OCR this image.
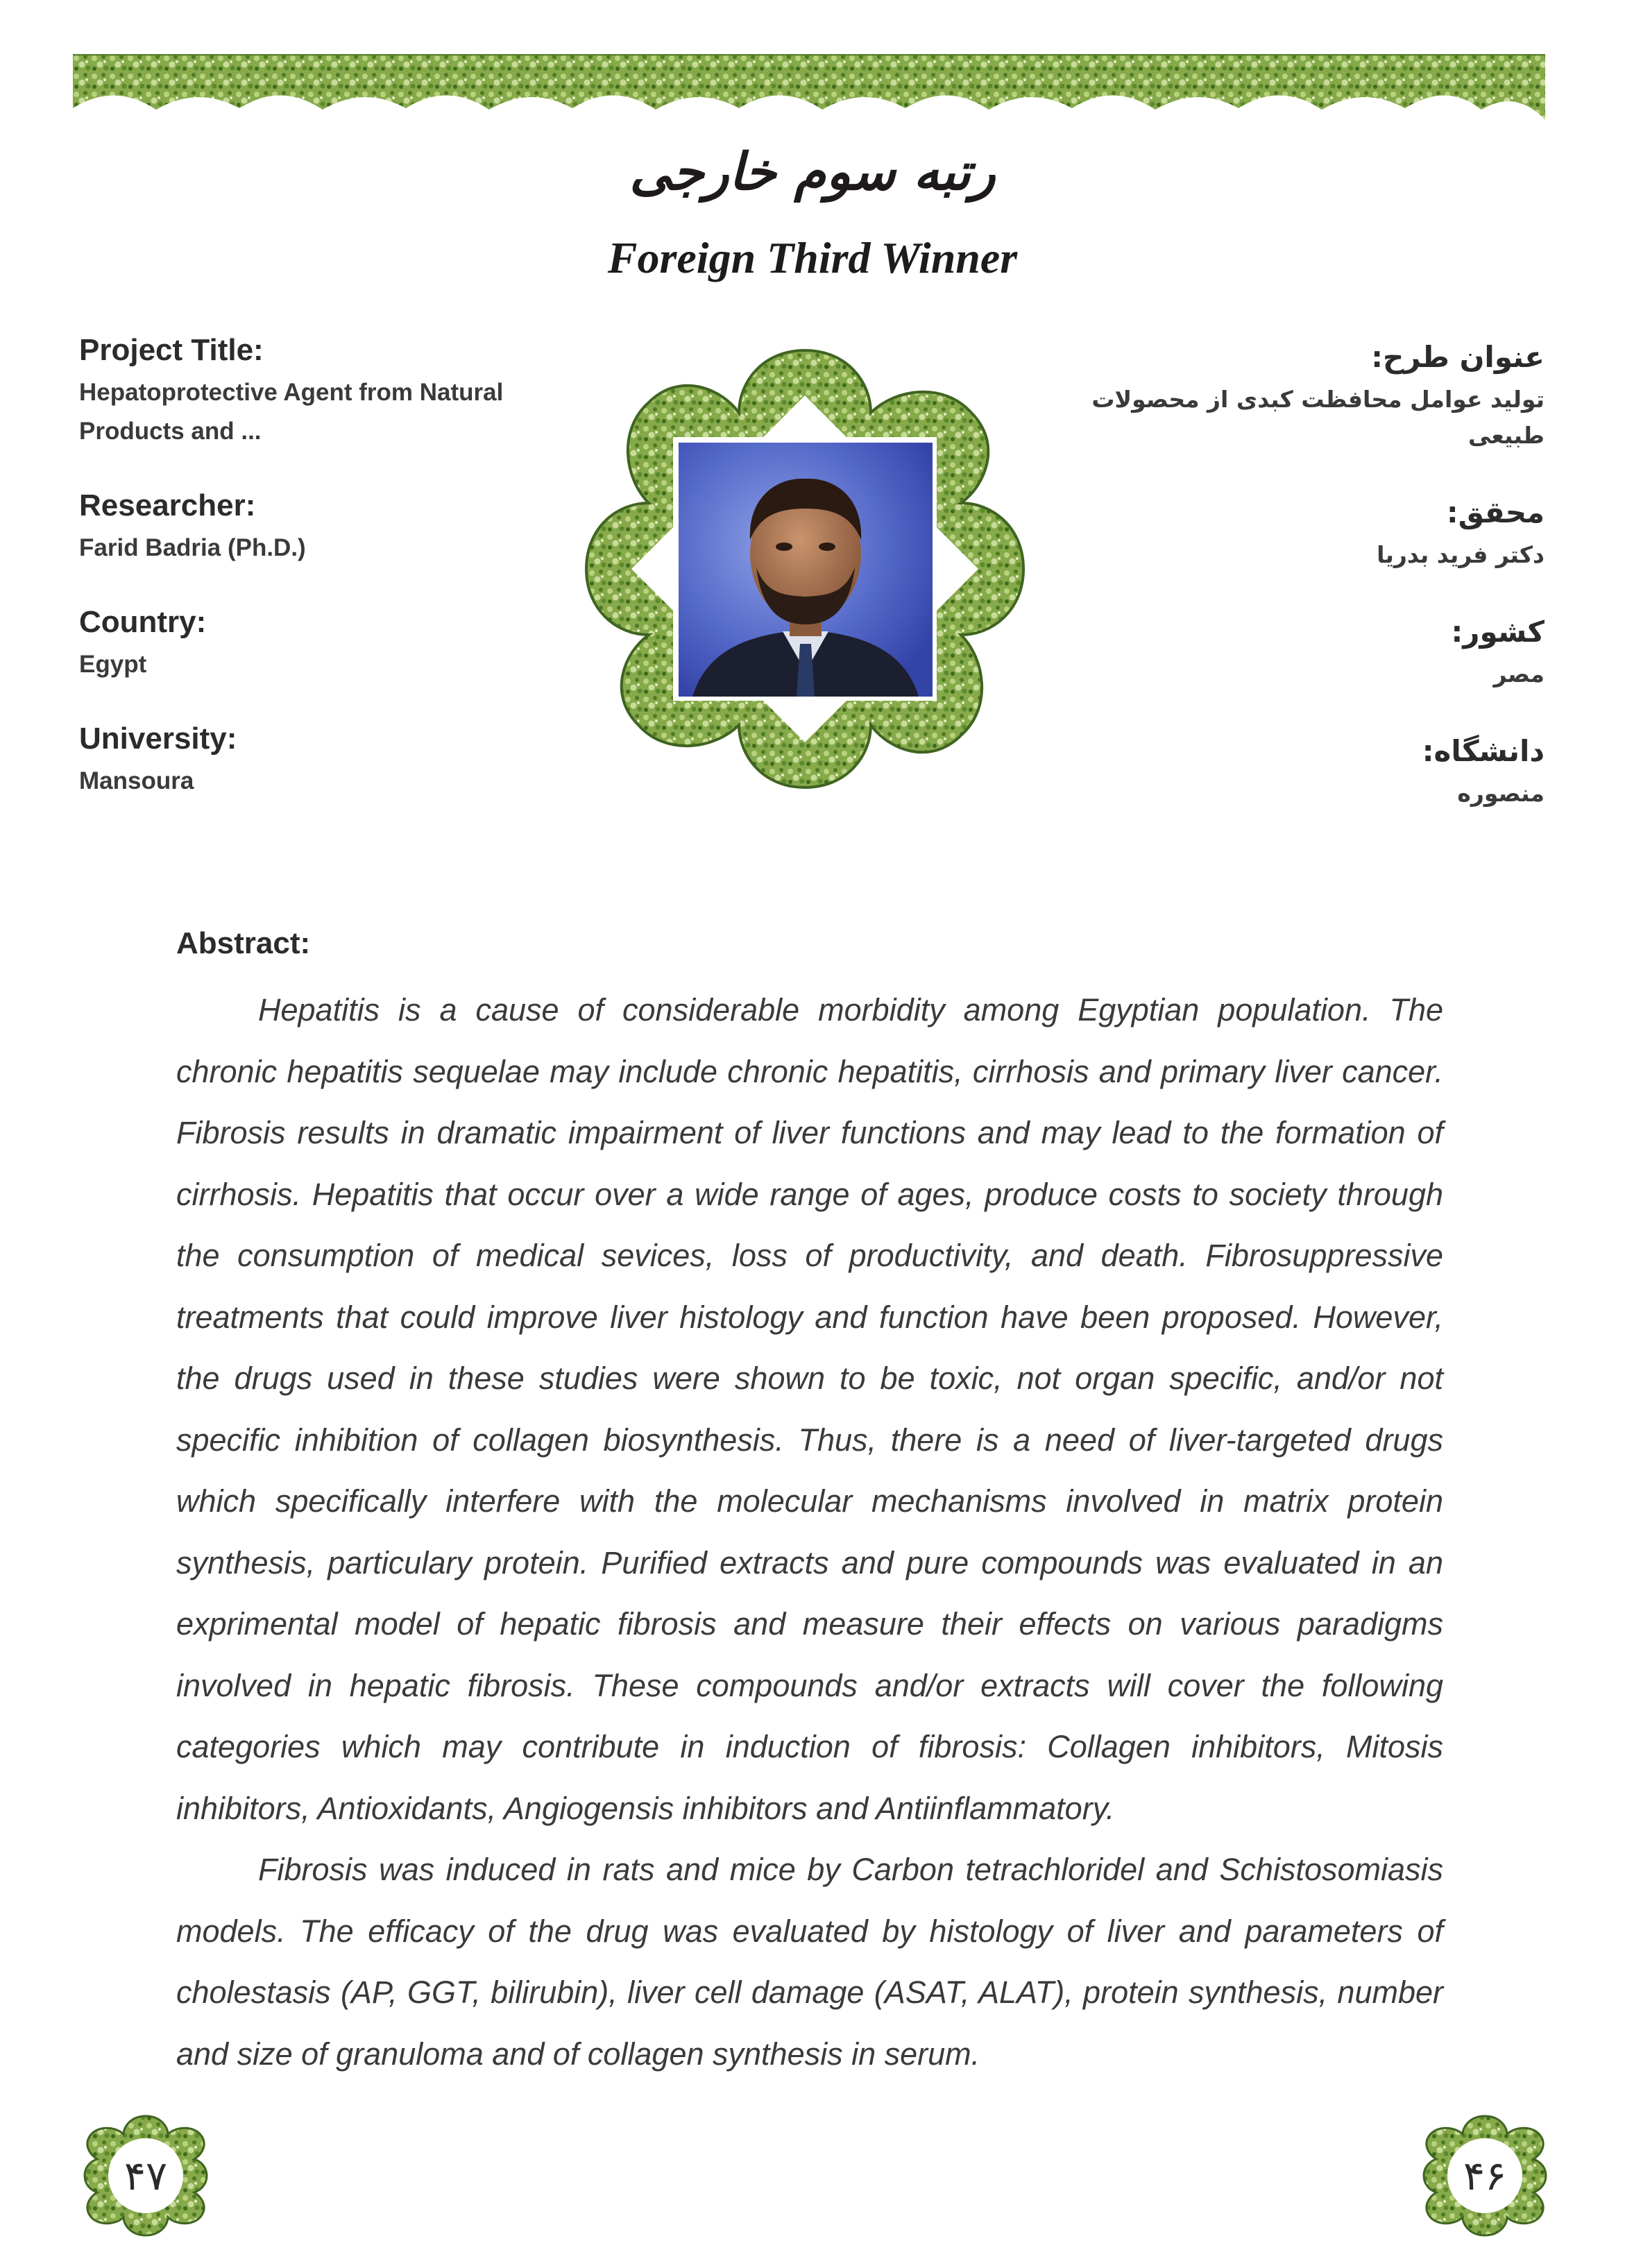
رتبه سوم خارجی
Foreign Third Winner

Project Title:

Hepatoprotective Agent from Natural Products and ...

Researcher:

Farid Badria (Ph.D.)

Country:

Egypt

University:

Mansoura

عنوان طرح:

تولید عوامل محافظت کبدی از محصولات طبیعی

محقق:

دکتر فرید بدریا

کشور:

مصر

دانشگاه:

منصوره

Abstract:

Hepatitis is a cause of considerable morbidity among Egyptian population. The chronic hepatitis sequelae may include chronic hepatitis, cirrhosis and primary liver cancer. Fibrosis results in dramatic impairment of liver functions and may lead to the formation of cirrhosis. Hepatitis that occur over a wide range of ages, produce costs to society through the consumption of medical sevices, loss of productivity, and death. Fibrosuppressive treatments that could improve liver histology and function have been proposed. However, the drugs used in these studies were shown to be toxic, not organ specific, and/or not specific inhibition of collagen biosynthesis. Thus, there is a need of liver-targeted drugs which specifically interfere with the molecular mechanisms involved in matrix protein synthesis, particulary protein. Purified extracts and pure compounds was evaluated in an exprimental model of hepatic fibrosis and measure their effects on various paradigms involved in hepatic fibrosis. These compounds and/or extracts will cover the following categories which may contribute in induction of fibrosis: Collagen inhibitors, Mitosis inhibitors, Antioxidants, Angiogensis inhibitors and Antiinflammatory.

Fibrosis was induced in rats and mice by Carbon tetrachloridel and Schistosomiasis models. The efficacy of the drug was evaluated by histology of liver and parameters of cholestasis (AP, GGT, bilirubin), liver cell damage (ASAT, ALAT), protein synthesis, number and size of granuloma and of collagen synthesis in serum.

۴۷	۴۶
